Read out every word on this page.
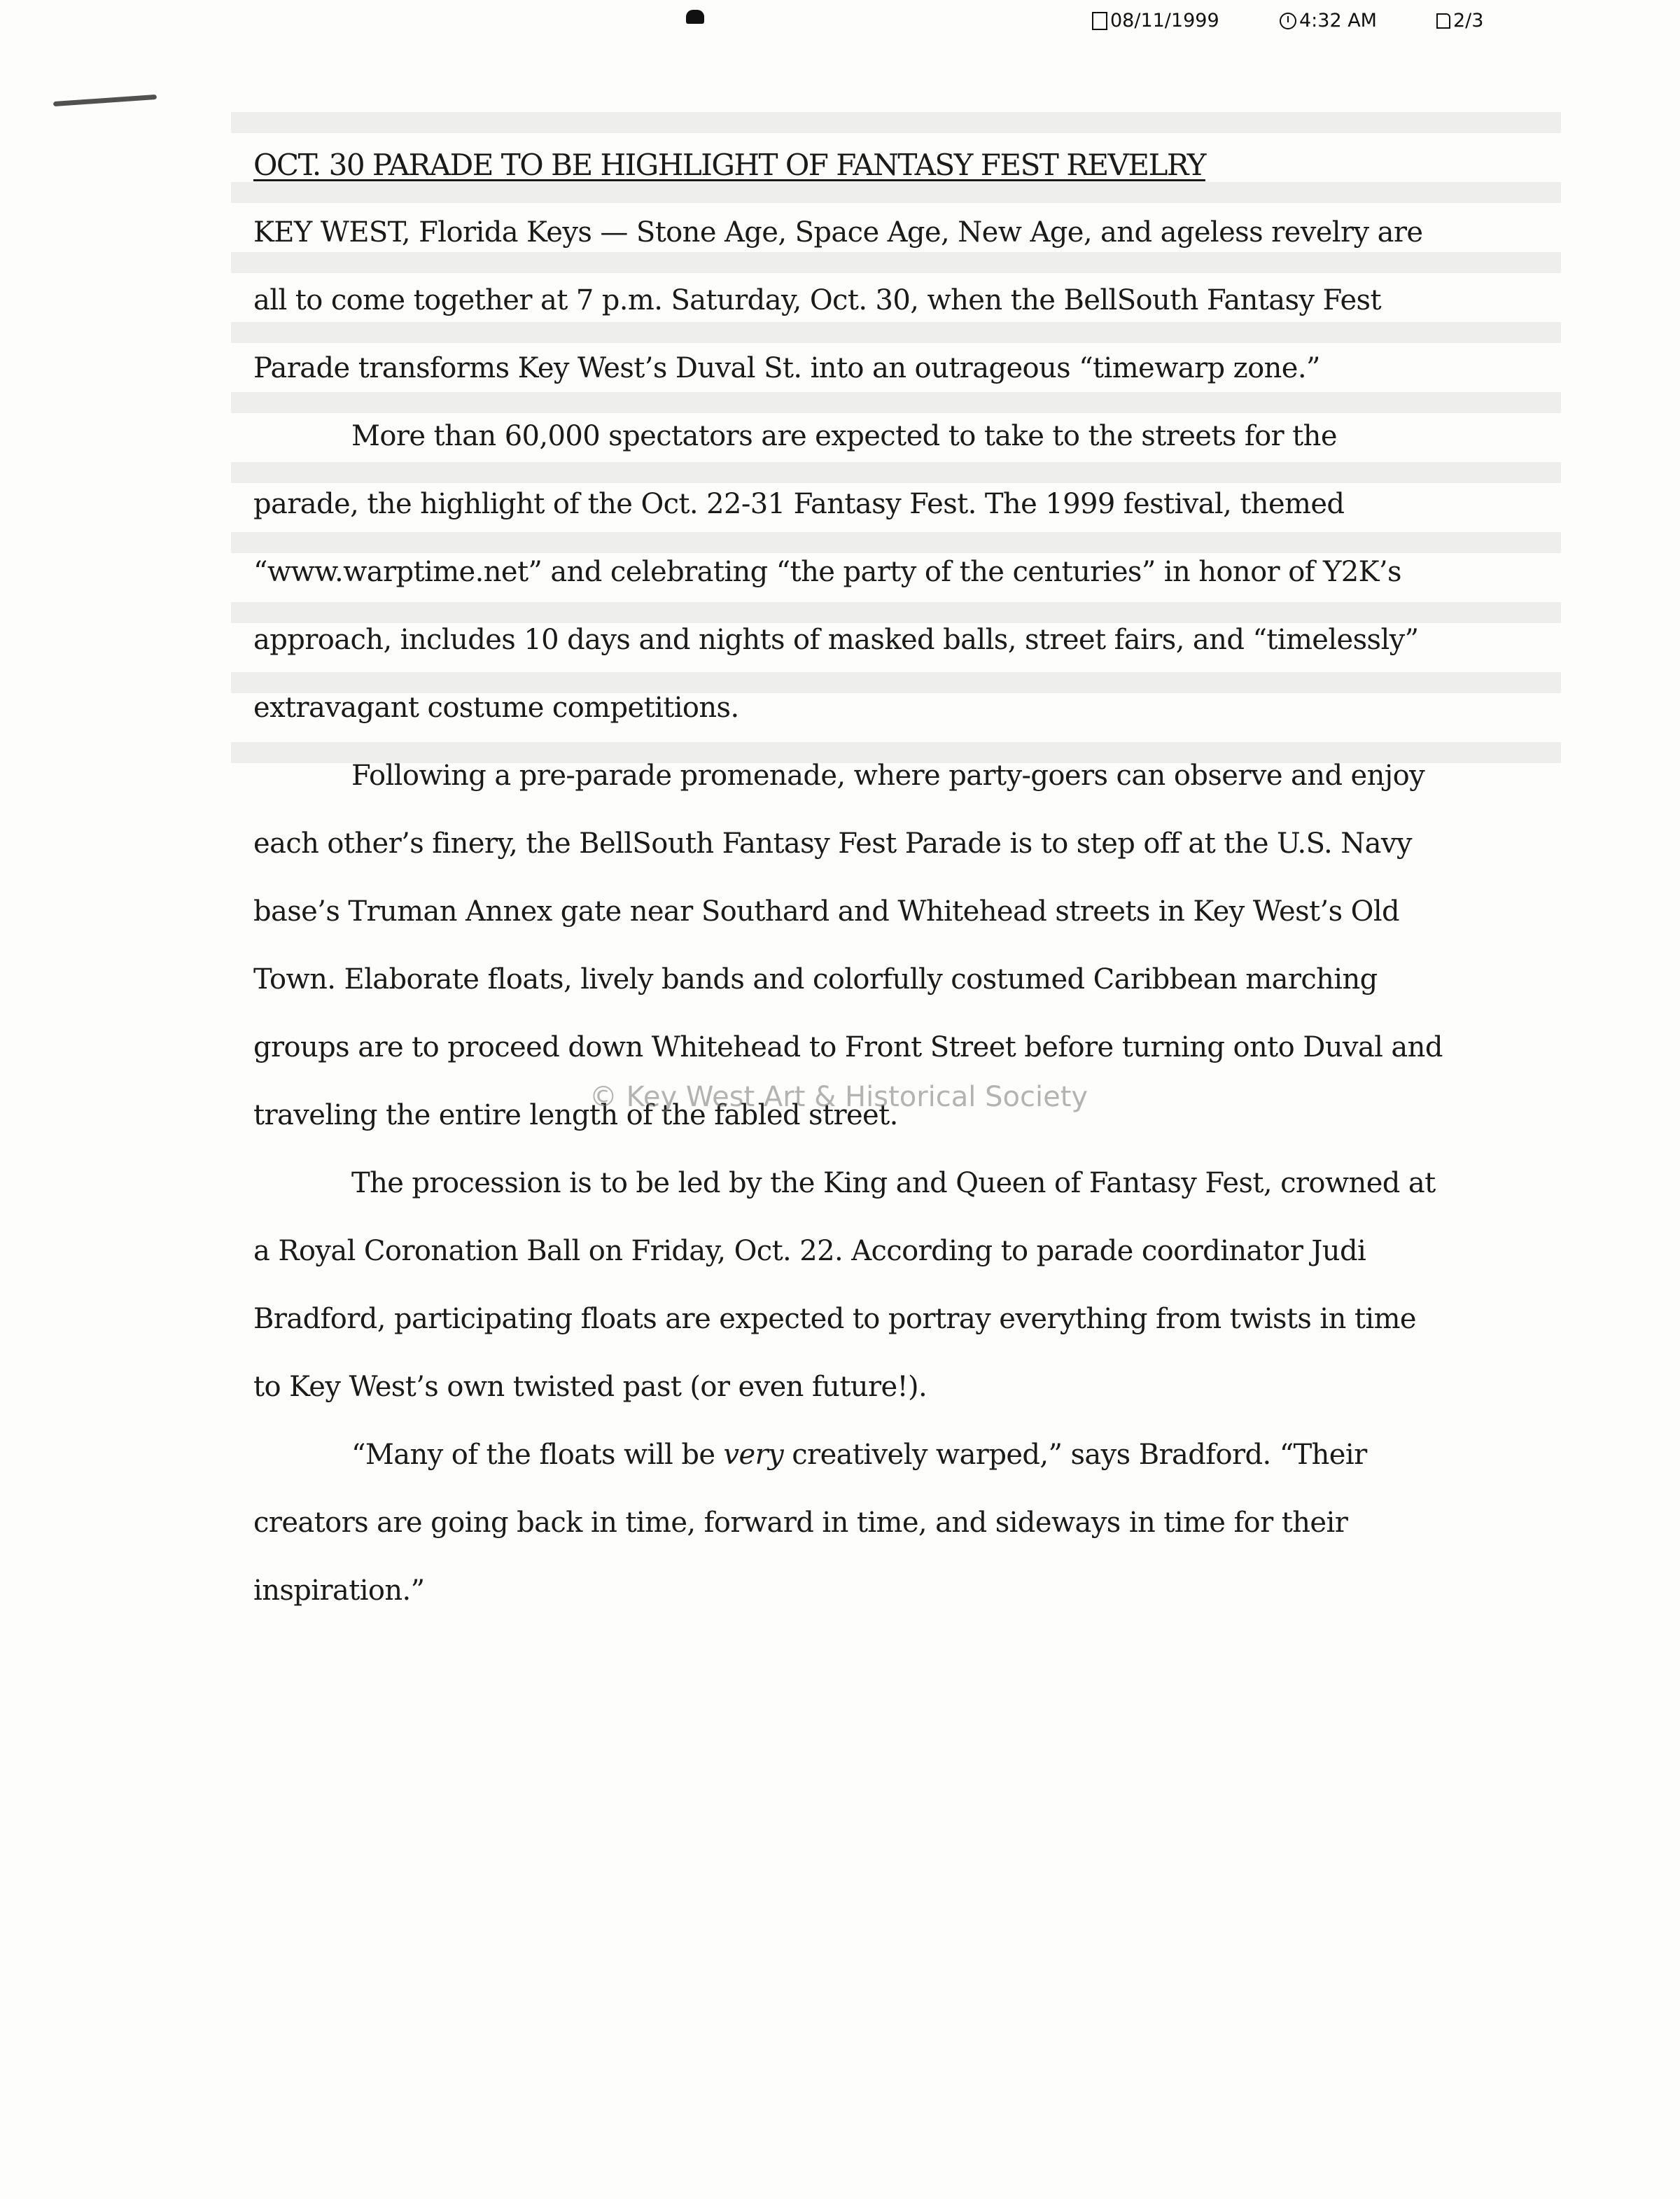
08/11/1999	4:32 AM	2/3
OCT. 30 PARADE TO BE HIGHLIGHT OF FANTASY FEST REVELRY

KEY WEST, Florida Keys — Stone Age, Space Age, New Age, and ageless revelry are all to come together at 7 p.m. Saturday, Oct. 30, when the BellSouth Fantasy Fest Parade transforms Key West’s Duval St. into an outrageous “timewarp zone.”

More than 60,000 spectators are expected to take to the streets for the parade, the highlight of the Oct. 22-31 Fantasy Fest. The 1999 festival, themed “www.warptime.net” and celebrating “the party of the centuries” in honor of Y2K’s approach, includes 10 days and nights of masked balls, street fairs, and “timelessly” extravagant costume competitions.

Following a pre-parade promenade, where party-goers can observe and enjoy each other’s finery, the BellSouth Fantasy Fest Parade is to step off at the U.S. Navy base’s Truman Annex gate near Southard and Whitehead streets in Key West’s Old Town. Elaborate floats, lively bands and colorfully costumed Caribbean marching groups are to proceed down Whitehead to Front Street before turning onto Duval and traveling the entire length of the fabled street.

The procession is to be led by the King and Queen of Fantasy Fest, crowned at a Royal Coronation Ball on Friday, Oct. 22. According to parade coordinator Judi Bradford, participating floats are expected to portray everything from twists in time to Key West’s own twisted past (or even future!).

“Many of the floats will be very creatively warped,” says Bradford. “Their creators are going back in time, forward in time, and sideways in time for their inspiration.”

© Key West Art & Historical Society
